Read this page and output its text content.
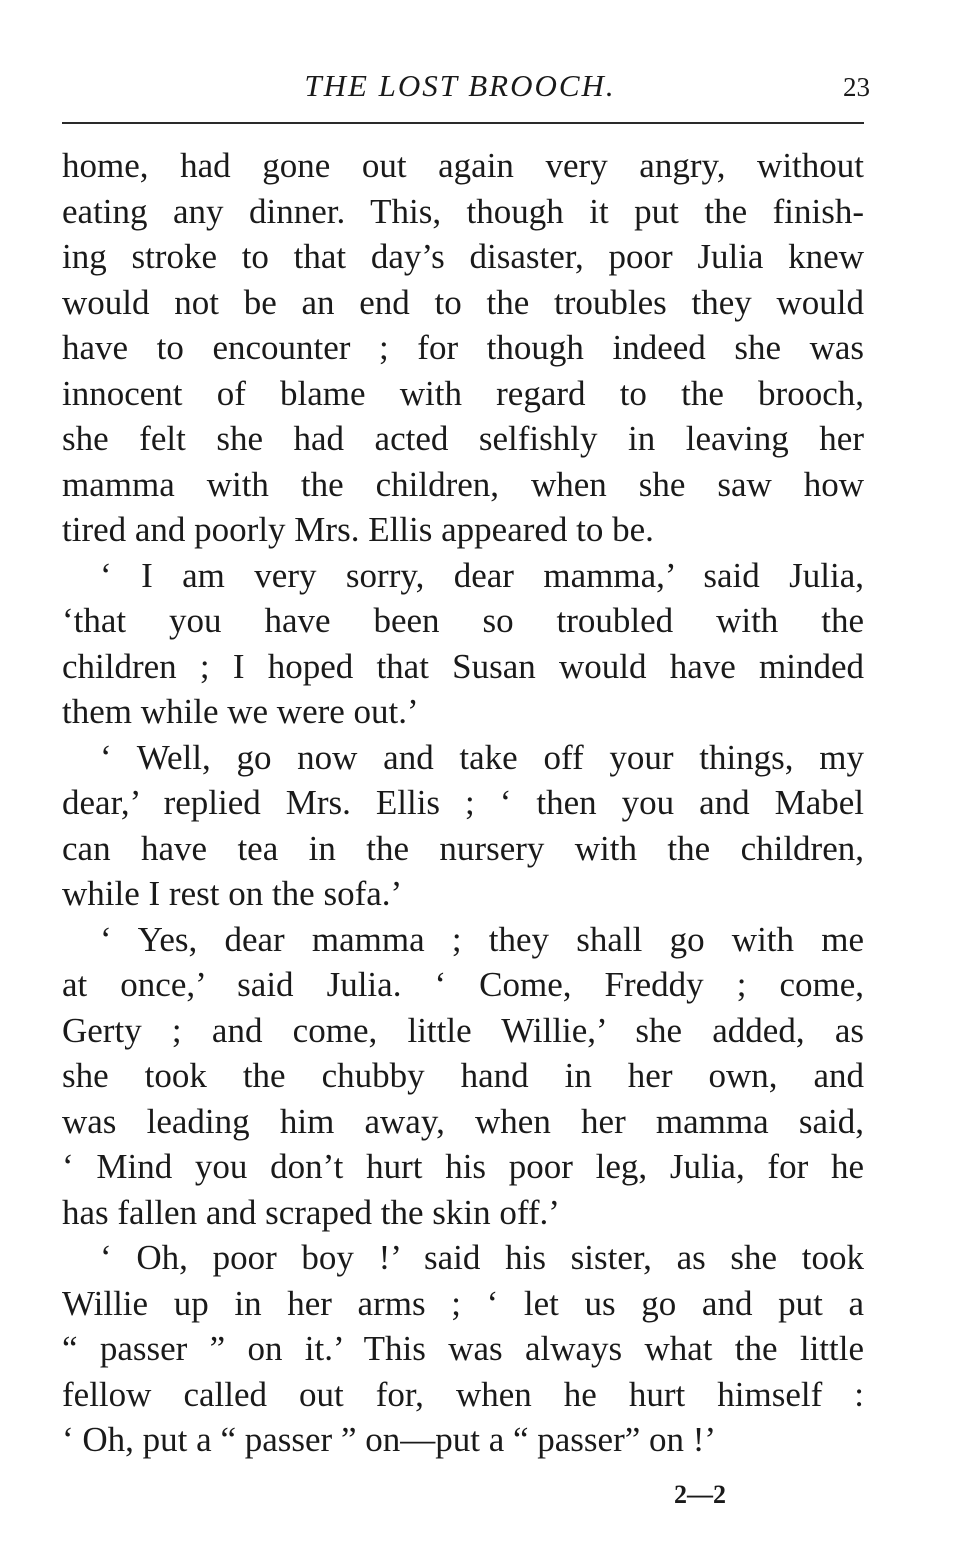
THE LOST BROOCH.	23
home, had gone out again very angry, without
eating any dinner. This, though it put the finish-
ing stroke to that day’s disaster, poor Julia knew
would not be an end to the troubles they would
have to encounter ; for though indeed she was
innocent of blame with regard to the brooch,
she felt she had acted selfishly in leaving her
mamma with the children, when she saw how
tired and poorly Mrs. Ellis appeared to be.
‘ I am very sorry, dear mamma,’ said Julia,
‘that you have been so troubled with the
children ; I hoped that Susan would have minded
them while we were out.’
‘ Well, go now and take off your things, my
dear,’ replied Mrs. Ellis ; ‘ then you and Mabel
can have tea in the nursery with the children,
while I rest on the sofa.’
‘ Yes, dear mamma ; they shall go with me
at once,’ said Julia. ‘ Come, Freddy ; come,
Gerty ; and come, little Willie,’ she added, as
she took the chubby hand in her own, and
was leading him away, when her mamma said,
‘ Mind you don’t hurt his poor leg, Julia, for he
has fallen and scraped the skin off.’
‘ Oh, poor boy !’ said his sister, as she took
Willie up in her arms ; ‘ let us go and put a
“ passer ” on it.’ This was always what the little
fellow called out for, when he hurt himself :
‘ Oh, put a “ passer ” on—put a “ passer” on !’
2—2
